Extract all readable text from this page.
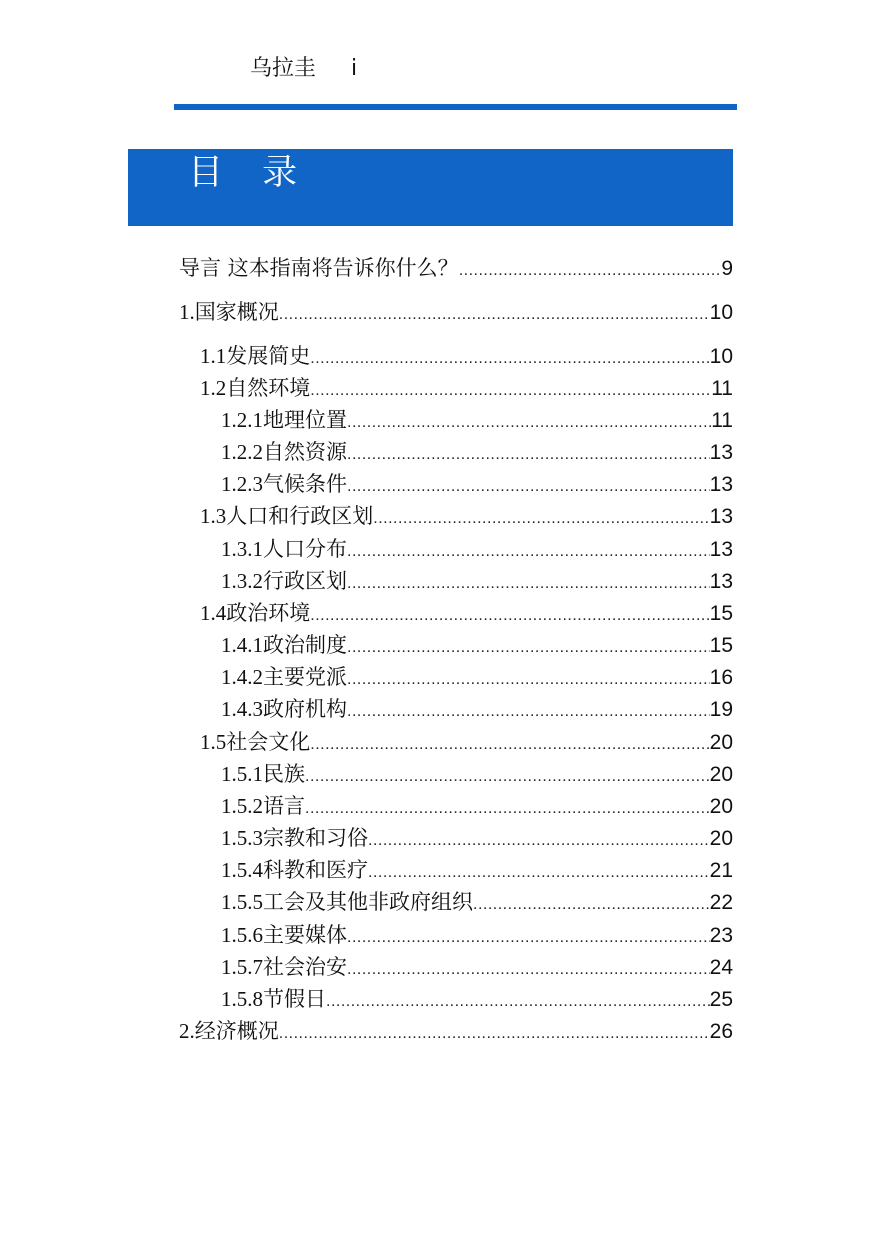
乌拉圭 i
目 录
导言 这本指南将告诉你什么？ .....	9
1. 国家概况 .....	10
1.1 发展简史 .....	10
1.2 自然环境 .....	11
1.2.1 地理位置 .....	11
1.2.2 自然资源 .....	13
1.2.3 气候条件 .....	13
1.3 人口和行政区划 .....	13
1.3.1 人口分布 .....	13
1.3.2 行政区划 .....	13
1.4 政治环境 .....	15
1.4.1 政治制度 .....	15
1.4.2 主要党派 .....	16
1.4.3 政府机构 .....	19
1.5 社会文化 .....	20
1.5.1 民族 .....	20
1.5.2 语言 .....	20
1.5.3 宗教和习俗 .....	20
1.5.4 科教和医疗 .....	21
1.5.5 工会及其他非政府组织 .....	22
1.5.6 主要媒体 .....	23
1.5.7 社会治安 .....	24
1.5.8 节假日 .....	25
2. 经济概况 .....	26
